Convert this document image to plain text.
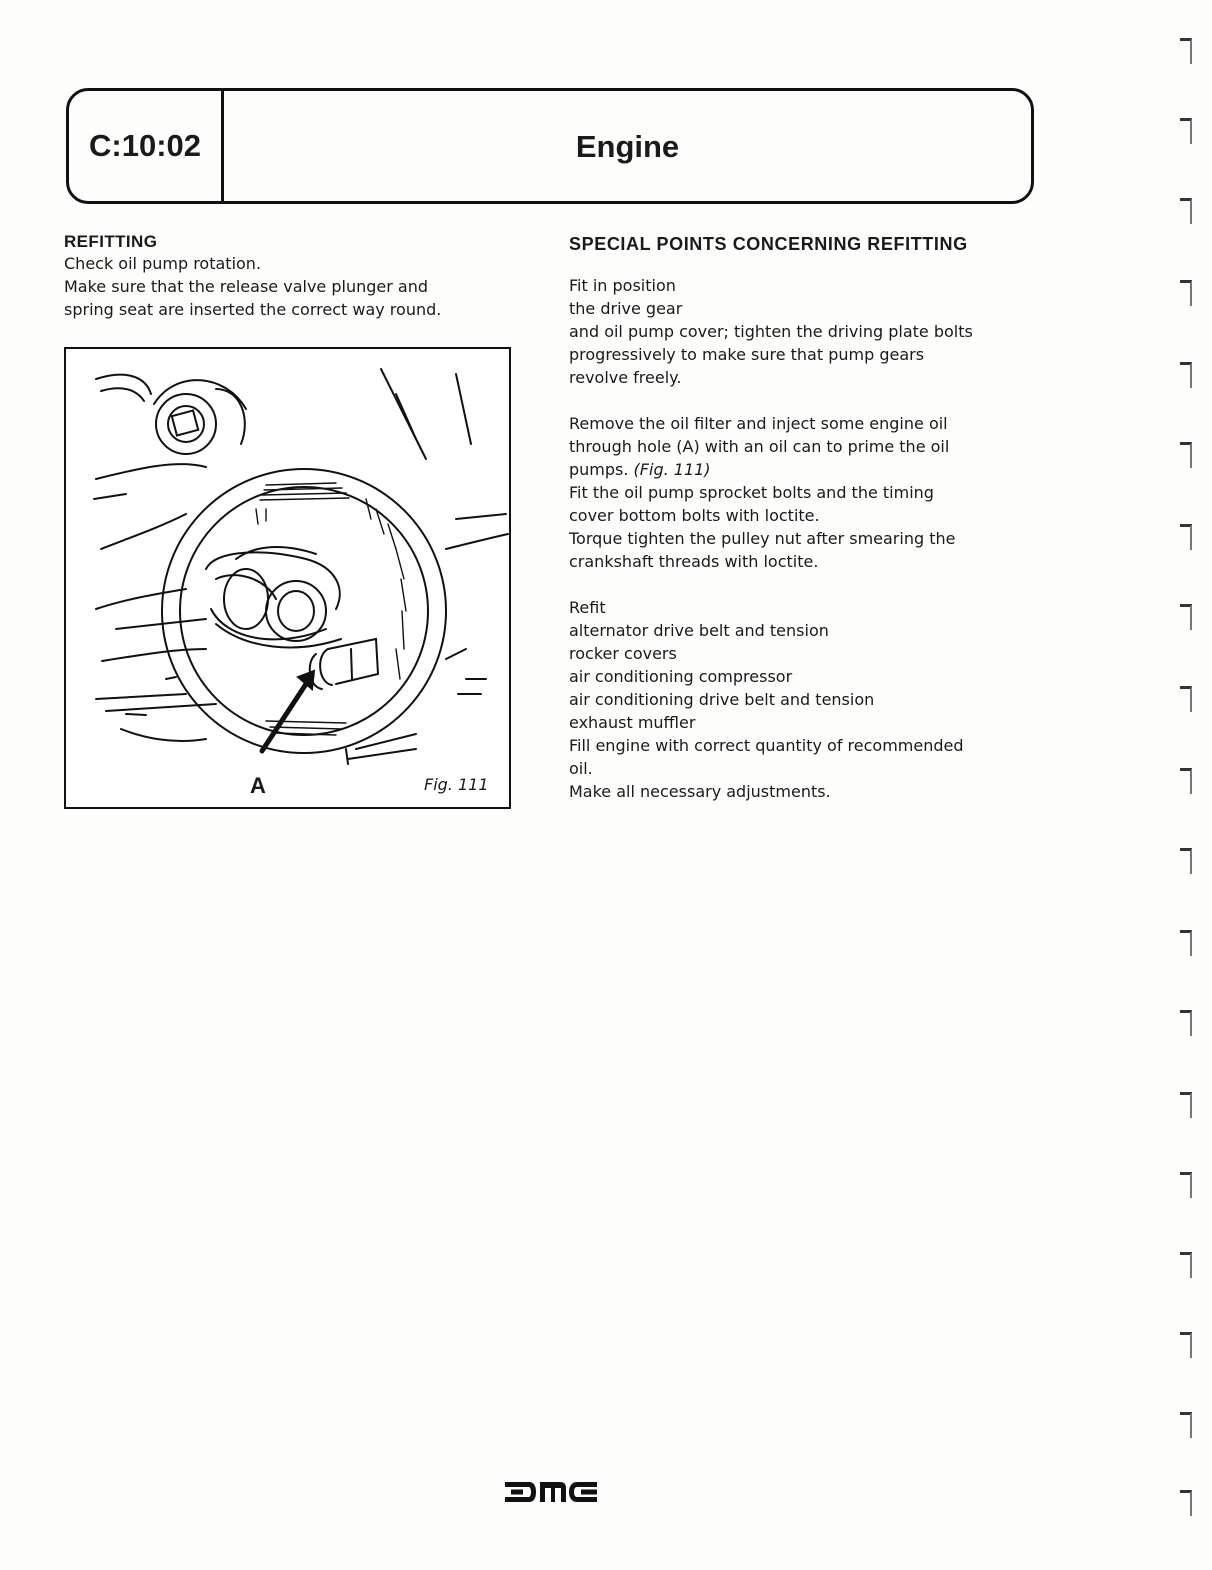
C:10:02	Engine
REFITTING

Check oil pump rotation.

Make sure that the release valve plunger and

spring seat are inserted the correct way round.

A	Fig. 111
SPECIAL POINTS CONCERNING REFITTING

Fit in position

the drive gear

and oil pump cover; tighten the driving plate bolts

progressively to make sure that pump gears

revolve freely.

Remove the oil filter and inject some engine oil

through hole (A) with an oil can to prime the oil

pumps. (Fig. 111)

Fit the oil pump sprocket bolts and the timing

cover bottom bolts with loctite.

Torque tighten the pulley nut after smearing the

crankshaft threads with loctite.

Refit

alternator drive belt and tension

rocker covers

air conditioning compressor

air conditioning drive belt and tension

exhaust muffler

Fill engine with correct quantity of recommended

oil.

Make all necessary adjustments.
